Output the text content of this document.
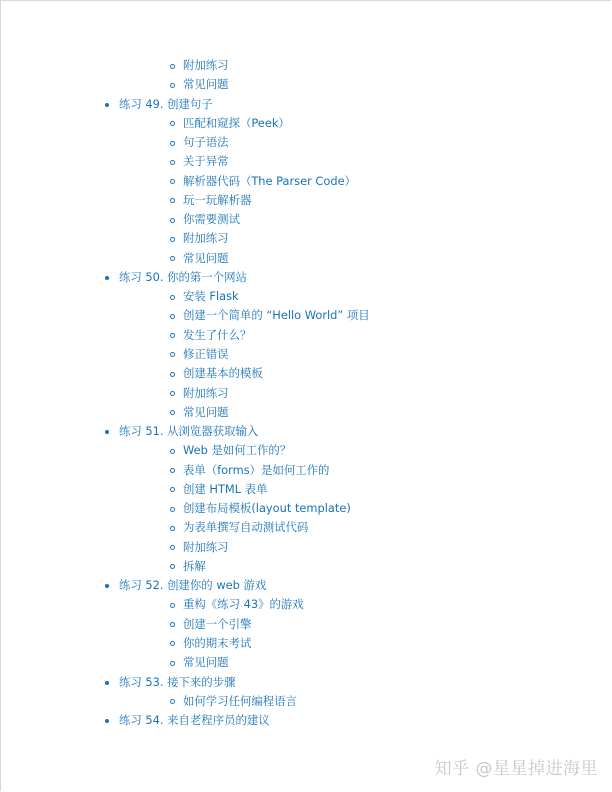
附加练习
常见问题
练习 49. 创建句子
匹配和窥探（Peek）
句子语法
关于异常
解析器代码（The Parser Code）
玩一玩解析器
你需要测试
附加练习
常见问题
练习 50. 你的第一个网站
安装 Flask
创建一个简单的 “Hello World” 项目
发生了什么？
修正错误
创建基本的模板
附加练习
常见问题
练习 51. 从浏览器获取输入
Web 是如何工作的？
表单（forms）是如何工作的
创建 HTML 表单
创建布局模板(layout template)
为表单撰写自动测试代码
附加练习
拆解
练习 52. 创建你的 web 游戏
重构《练习 43》的游戏
创建一个引擎
你的期末考试
常见问题
练习 53. 接下来的步骤
如何学习任何编程语言
练习 54. 来自老程序员的建议
知乎 @星星掉进海里
